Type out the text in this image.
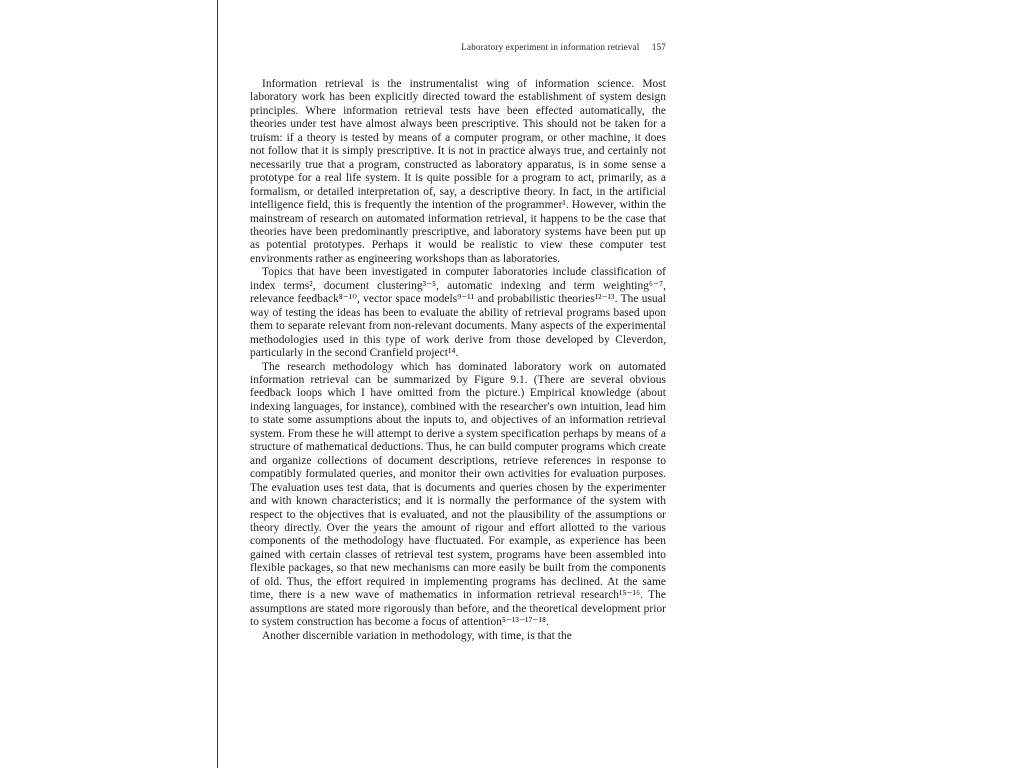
Laboratory experiment in information retrieval 157

Information retrieval is the instrumentalist wing of information science. Most laboratory work has been explicitly directed toward the establishment of system design principles. Where information retrieval tests have been effected automatically, the theories under test have almost always been prescriptive. This should not be taken for a truism: if a theory is tested by means of a computer program, or other machine, it does not follow that it is simply prescriptive. It is not in practice always true, and certainly not necessarily true that a program, constructed as laboratory apparatus, is in some sense a prototype for a real life system. It is quite possible for a program to act, primarily, as a formalism, or detailed interpretation of, say, a descriptive theory. In fact, in the artificial intelligence field, this is frequently the intention of the programmer¹. However, within the mainstream of research on automated information retrieval, it happens to be the case that theories have been predominantly prescriptive, and laboratory systems have been put up as potential prototypes. Perhaps it would be realistic to view these computer test environments rather as engineering workshops than as laboratories.

Topics that have been investigated in computer laboratories include classification of index terms², document clustering³⁻⁵, automatic indexing and term weighting⁶⁻⁷, relevance feedback⁸⁻¹⁰, vector space models⁹⁻¹¹ and probabilistic theories¹²⁻¹³. The usual way of testing the ideas has been to evaluate the ability of retrieval programs based upon them to separate relevant from non-relevant documents. Many aspects of the experimental methodologies used in this type of work derive from those developed by Cleverdon, particularly in the second Cranfield project¹⁴.

The research methodology which has dominated laboratory work on automated information retrieval can be summarized by Figure 9.1. (There are several obvious feedback loops which I have omitted from the picture.) Empirical knowledge (about indexing languages, for instance), combined with the researcher's own intuition, lead him to state some assumptions about the inputs to, and objectives of an information retrieval system. From these he will attempt to derive a system specification perhaps by means of a structure of mathematical deductions. Thus, he can build computer programs which create and organize collections of document descriptions, retrieve references in response to compatibly formulated queries, and monitor their own activities for evaluation purposes. The evaluation uses test data, that is documents and queries chosen by the experimenter and with known characteristics; and it is normally the performance of the system with respect to the objectives that is evaluated, and not the plausibility of the assumptions or theory directly. Over the years the amount of rigour and effort allotted to the various components of the methodology have fluctuated. For example, as experience has been gained with certain classes of retrieval test system, programs have been assembled into flexible packages, so that new mechanisms can more easily be built from the components of old. Thus, the effort required in implementing programs has declined. At the same time, there is a new wave of mathematics in information retrieval research¹⁵⁻¹⁶. The assumptions are stated more rigorously than before, and the theoretical development prior to system construction has become a focus of attention⁵⁻¹³⁻¹⁷⁻¹⁸.

Another discernible variation in methodology, with time, is that the
